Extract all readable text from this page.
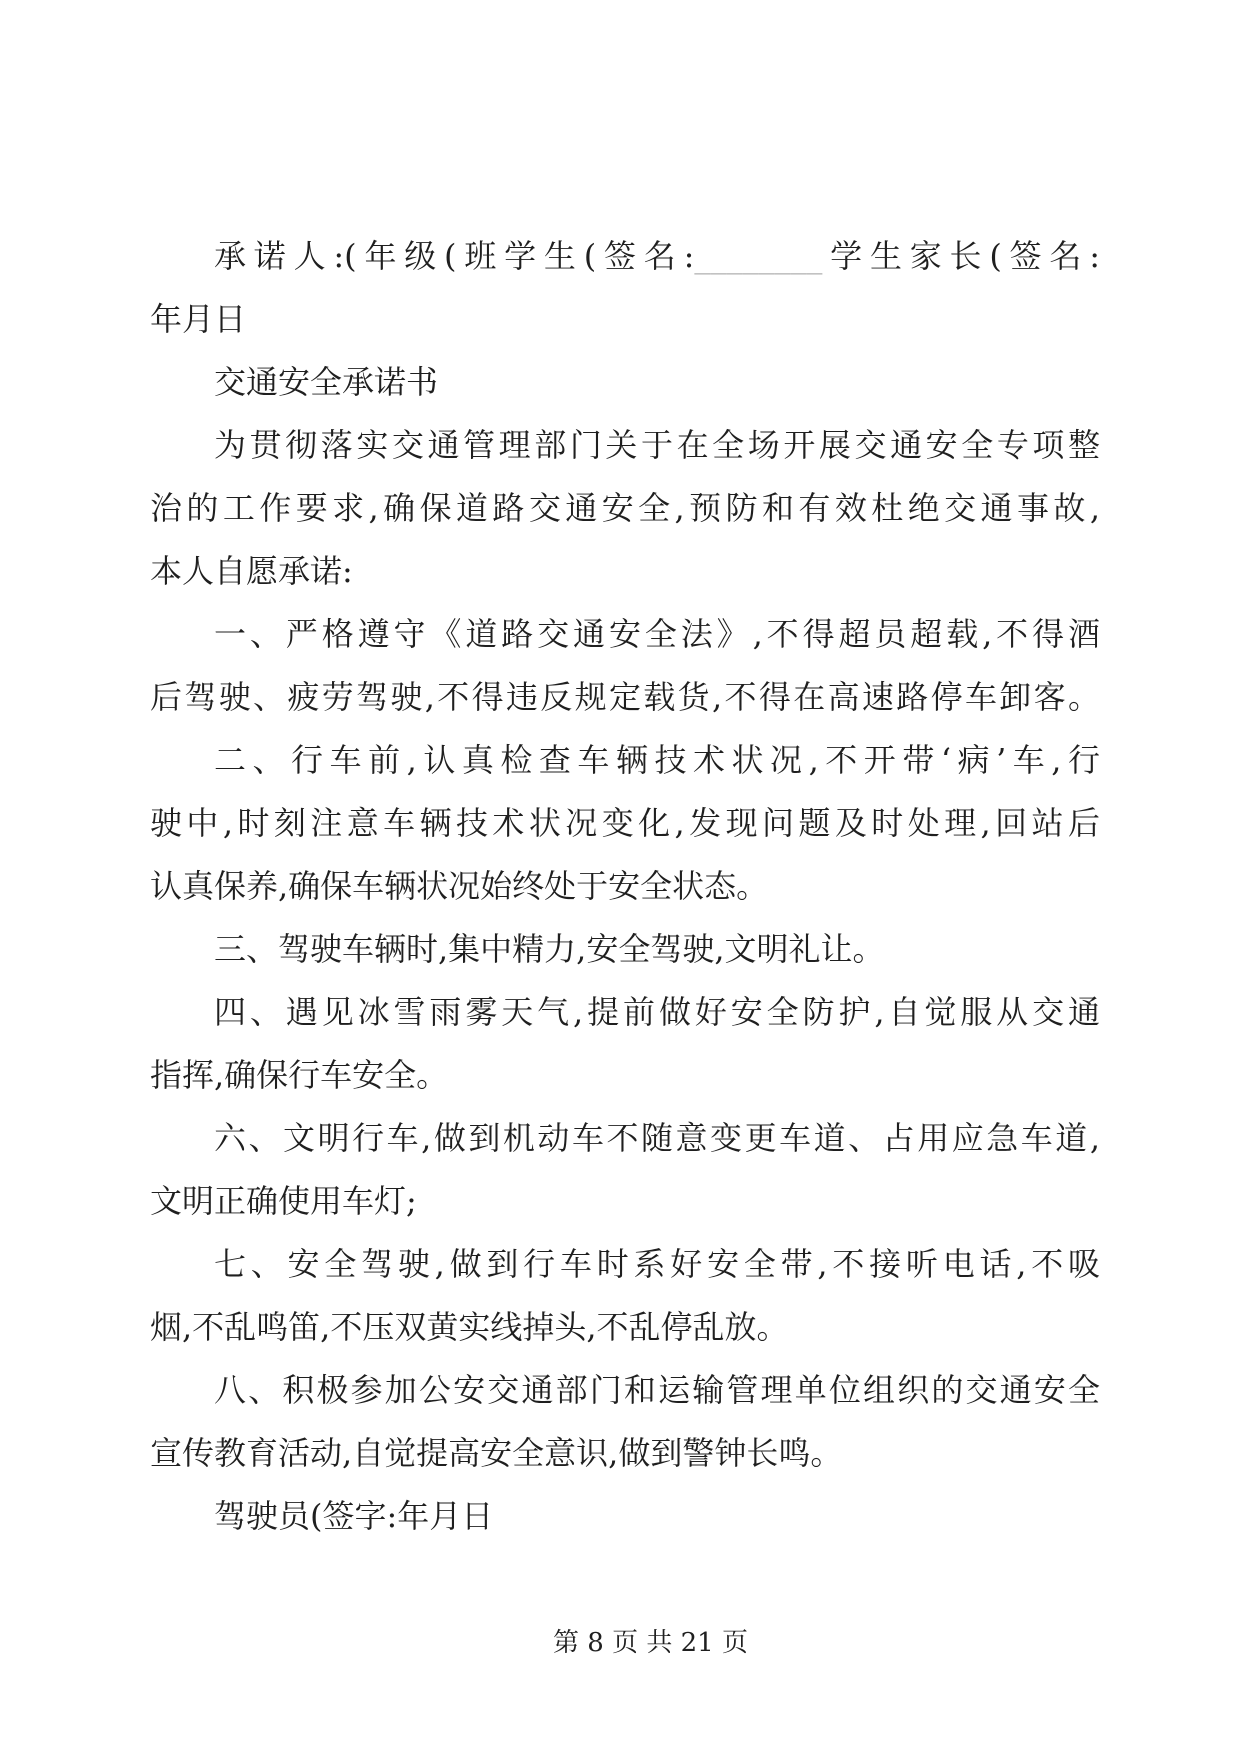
承诺人:(年级(班学生(签名:________学生家长(签名:
年月日
交通安全承诺书
为贯彻落实交通管理部门关于在全场开展交通安全专项整
治的工作要求,确保道路交通安全,预防和有效杜绝交通事故,
本人自愿承诺:
一、严格遵守《道路交通安全法》,不得超员超载,不得酒
后驾驶、疲劳驾驶,不得违反规定载货,不得在高速路停车卸客。
二、行车前,认真检查车辆技术状况,不开带‘病’车,行
驶中,时刻注意车辆技术状况变化,发现问题及时处理,回站后
认真保养,确保车辆状况始终处于安全状态。
三、驾驶车辆时,集中精力,安全驾驶,文明礼让。
四、遇见冰雪雨雾天气,提前做好安全防护,自觉服从交通
指挥,确保行车安全。
六、文明行车,做到机动车不随意变更车道、占用应急车道,
文明正确使用车灯;
七、安全驾驶,做到行车时系好安全带,不接听电话,不吸
烟,不乱鸣笛,不压双黄实线掉头,不乱停乱放。
八、积极参加公安交通部门和运输管理单位组织的交通安全
宣传教育活动,自觉提高安全意识,做到警钟长鸣。
驾驶员(签字:年月日
第 8 页 共 21 页
